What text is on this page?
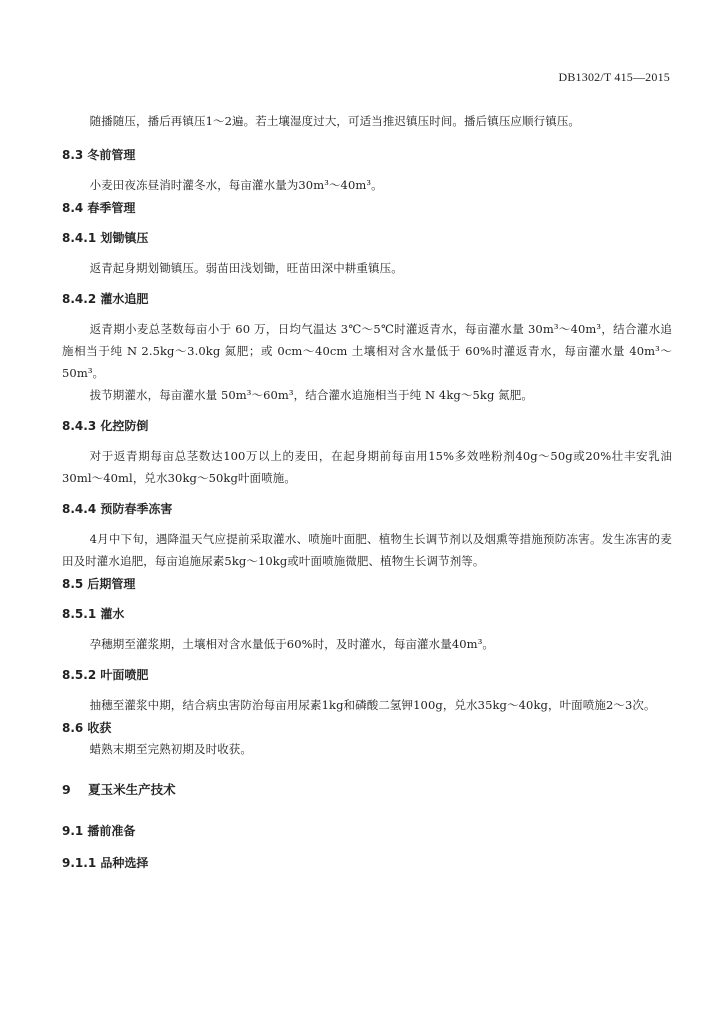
DB1302/T 415—2015
随播随压，播后再镇压1～2遍。若土壤湿度过大，可适当推迟镇压时间。播后镇压应顺行镇压。
8.3 冬前管理
小麦田夜冻昼消时灌冬水，每亩灌水量为30m³～40m³。
8.4 春季管理
8.4.1 划锄镇压
返青起身期划锄镇压。弱苗田浅划锄，旺苗田深中耕重镇压。
8.4.2 灌水追肥
返青期小麦总茎数每亩小于 60 万，日均气温达 3℃～5℃时灌返青水，每亩灌水量 30m³～40m³，结合灌水追施相当于纯 N 2.5kg～3.0kg 氮肥；或 0cm～40cm 土壤相对含水量低于 60%时灌返青水，每亩灌水量 40m³～50m³。
拔节期灌水，每亩灌水量 50m³～60m³，结合灌水追施相当于纯 N 4kg～5kg 氮肥。
8.4.3 化控防倒
对于返青期每亩总茎数达100万以上的麦田，在起身期前每亩用15%多效唑粉剂40g～50g或20%壮丰安乳油30ml～40ml，兑水30kg～50kg叶面喷施。
8.4.4 预防春季冻害
4月中下旬，遇降温天气应提前采取灌水、喷施叶面肥、植物生长调节剂以及烟熏等措施预防冻害。发生冻害的麦田及时灌水追肥，每亩追施尿素5kg～10kg或叶面喷施微肥、植物生长调节剂等。
8.5 后期管理
8.5.1 灌水
孕穗期至灌浆期，土壤相对含水量低于60%时，及时灌水，每亩灌水量40m³。
8.5.2 叶面喷肥
抽穗至灌浆中期，结合病虫害防治每亩用尿素1kg和磷酸二氢钾100g，兑水35kg～40kg，叶面喷施2～3次。
8.6 收获
蜡熟末期至完熟初期及时收获。
9    夏玉米生产技术
9.1 播前准备
9.1.1 品种选择
